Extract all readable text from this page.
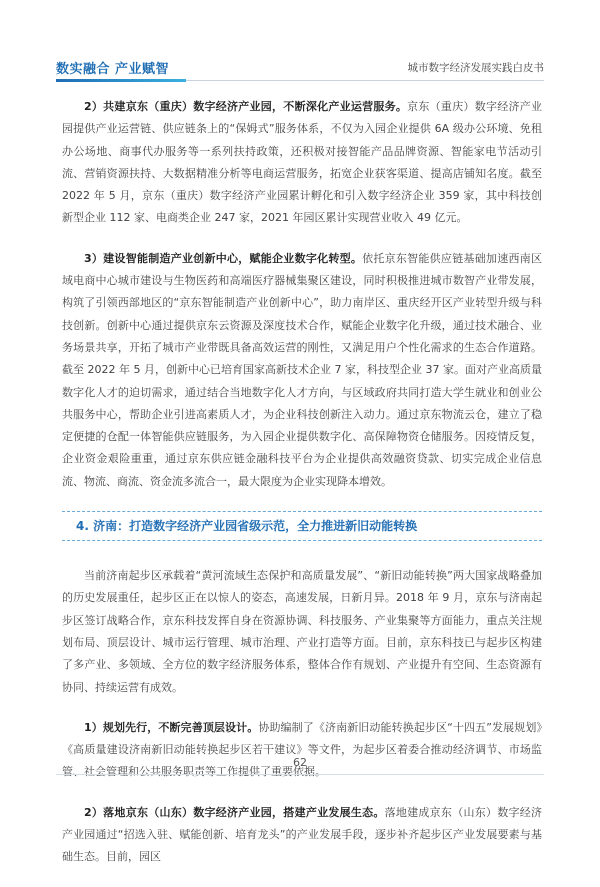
数实融合 产业赋智	城市数字经济发展实践白皮书

2）共建京东（重庆）数字经济产业园，不断深化产业运营服务。京东（重庆）数字经济产业园提供产业运营链、供应链条上的“保姆式”服务体系，不仅为入园企业提供 6A 级办公环境、免租办公场地、商事代办服务等一系列扶持政策，还积极对接智能产品品牌资源、智能家电节活动引流、营销资源扶持、大数据精准分析等电商运营服务，拓宽企业获客渠道、提高店铺知名度。截至 2022 年 5 月，京东（重庆）数字经济产业园累计孵化和引入数字经济企业 359 家，其中科技创新型企业 112 家、电商类企业 247 家，2021 年园区累计实现营业收入 49 亿元。

3）建设智能制造产业创新中心，赋能企业数字化转型。依托京东智能供应链基础加速西南区域电商中心城市建设与生物医药和高端医疗器械集聚区建设，同时积极推进城市数智产业带发展，构筑了引领西部地区的“京东智能制造产业创新中心”，助力南岸区、重庆经开区产业转型升级与科技创新。创新中心通过提供京东云资源及深度技术合作，赋能企业数字化升级，通过技术融合、业务场景共享，开拓了城市产业带既具备高效运营的刚性，又满足用户个性化需求的生态合作道路。截至 2022 年 5 月，创新中心已培育国家高新技术企业 7 家，科技型企业 37 家。面对产业高质量数字化人才的迫切需求，通过结合当地数字化人才方向，与区域政府共同打造大学生就业和创业公共服务中心，帮助企业引进高素质人才，为企业科技创新注入动力。通过京东物流云仓，建立了稳定便捷的仓配一体智能供应链服务，为入园企业提供数字化、高保障物资仓储服务。因疫情反复，企业资金艰险重重，通过京东供应链金融科技平台为企业提供高效融资贷款、切实完成企业信息流、物流、商流、资金流多流合一，最大限度为企业实现降本增效。

4. 济南：打造数字经济产业园省级示范，全力推进新旧动能转换

当前济南起步区承载着“黄河流域生态保护和高质量发展”、“新旧动能转换”两大国家战略叠加的历史发展重任，起步区正在以惊人的姿态，高速发展，日新月异。2018 年 9 月，京东与济南起步区签订战略合作，京东科技发挥自身在资源协调、科技服务、产业集聚等方面能力，重点关注规划布局、顶层设计、城市运行管理、城市治理、产业打造等方面。目前，京东科技已与起步区构建了多产业、多领域、全方位的数字经济服务体系，整体合作有规划、产业提升有空间、生态资源有协同、持续运营有成效。

1）规划先行，不断完善顶层设计。协助编制了《济南新旧动能转换起步区“十四五”发展规划》《高质量建设济南新旧动能转换起步区若干建议》等文件，为起步区着委合推动经济调节、市场监管、社会管理和公共服务职责等工作提供了重要依据。

2）落地京东（山东）数字经济产业园，搭建产业发展生态。落地建成京东（山东）数字经济产业园通过“招选入驻、赋能创新、培育龙头”的产业发展手段，逐步补齐起步区产业发展要素与基础生态。目前，园区

62
